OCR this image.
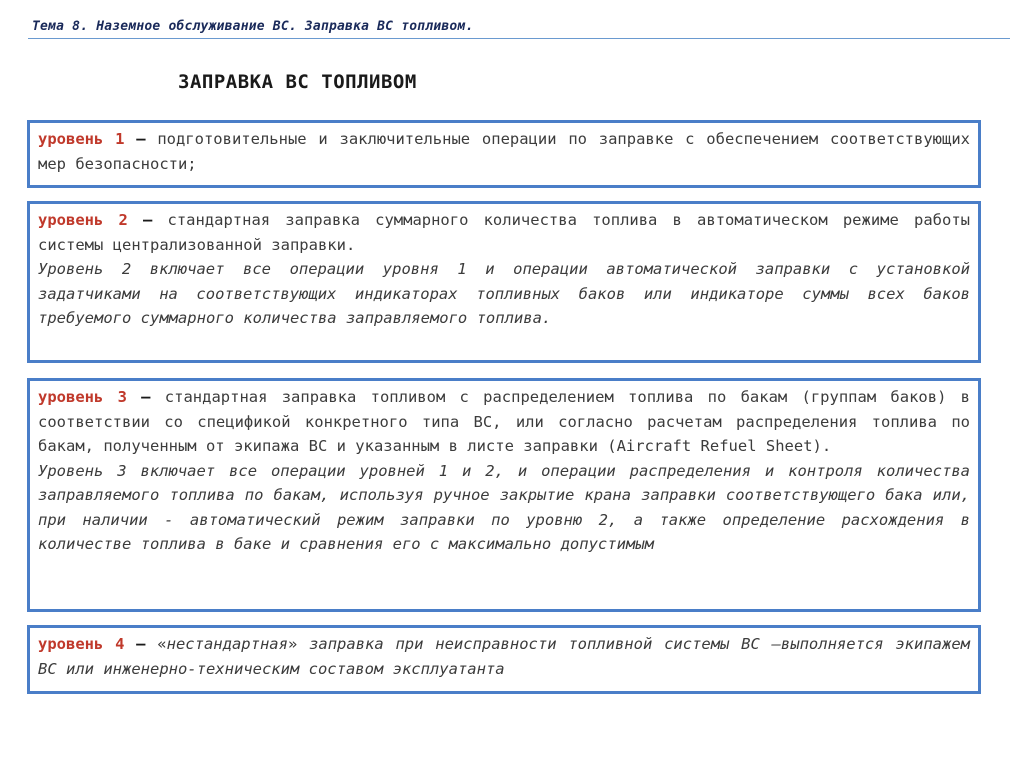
Тема 8. Наземное обслуживание ВС. Заправка ВС топливом.
ЗАПРАВКА ВС ТОПЛИВОМ

уровень 1 – подготовительные и заключительные операции по заправке с обеспечением соответствующих мер безопасности;

уровень 2 – стандартная заправка суммарного количества топлива в автоматическом режиме работы системы централизованной заправки.

Уровень 2 включает все операции уровня 1 и операции автоматической заправки с установкой задатчиками на соответствующих индикаторах топливных баков или индикаторе суммы всех баков требуемого суммарного количества заправляемого топлива.

уровень 3 – стандартная заправка топливом с распределением топлива по бакам (группам баков) в соответствии со спецификой конкретного типа ВС, или согласно расчетам распределения топлива по бакам, полученным от экипажа ВС и указанным в листе заправки (Aircraft Refuel Sheet).

Уровень 3 включает все операции уровней 1 и 2, и операции распределения и контроля количества заправляемого топлива по бакам, используя ручное закрытие крана заправки соответствующего бака или, при наличии - автоматический режим заправки по уровню 2, а также определение расхождения в количестве топлива в баке и сравнения его с максимально допустимым

уровень 4 – «нестандартная» заправка при неисправности топливной системы ВС –выполняется экипажем ВС или инженерно-техническим составом эксплуатанта
